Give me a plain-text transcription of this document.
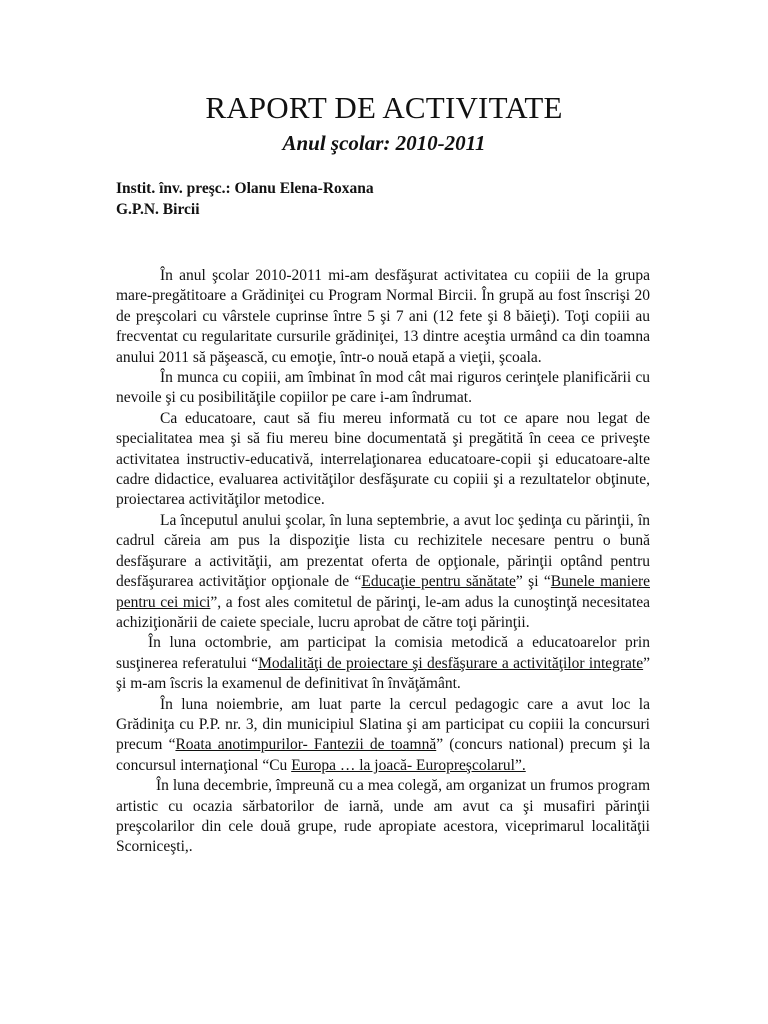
RAPORT DE ACTIVITATE
Anul şcolar: 2010-2011
Instit. înv. preşc.: Olanu Elena-Roxana
G.P.N. Bircii

În anul şcolar 2010-2011 mi-am desfăşurat activitatea cu copiii de la grupa mare-pregătitoare a Grădiniţei cu Program Normal Bircii. În grupă au fost înscrişi 20 de preşcolari cu vârstele cuprinse între 5 şi 7 ani (12 fete şi 8 băieţi). Toţi copiii au frecventat cu regularitate cursurile grădiniţei, 13 dintre aceştia urmând ca din toamna anului 2011 să păşească, cu emoţie, într-o nouă etapă a vieţii, şcoala.

În munca cu copiii, am îmbinat în mod cât mai riguros cerinţele planificării cu nevoile şi cu posibilităţile copiilor pe care i-am îndrumat.

Ca educatoare, caut să fiu mereu informată cu tot ce apare nou legat de specialitatea mea şi să fiu mereu bine documentată şi pregătită în ceea ce priveşte activitatea instructiv-educativă, interrelaţionarea educatoare-copii şi educatoare-alte cadre didactice, evaluarea activităţilor desfăşurate cu copiii şi a rezultatelor obţinute, proiectarea activităţilor metodice.

La începutul anului şcolar, în luna septembrie, a avut loc şedinţa cu părinţii, în cadrul căreia am pus la dispoziţie lista cu rechizitele necesare pentru o bună desfăşurare a activităţii, am prezentat oferta de opţionale, părinţii optând pentru desfăşurarea activităţior opţionale de “Educaţie pentru sănătate” şi “Bunele maniere pentru cei mici”, a fost ales comitetul de părinţi, le-am adus la cunoştinţă necesitatea achiziţionării de caiete speciale, lucru aprobat de către toţi părinţii.

În luna octombrie, am participat la comisia metodică a educatoarelor prin susţinerea referatului “Modalităţi de proiectare şi desfăşurare a activităţilor integrate” şi m-am îscris la examenul de definitivat în învăţământ.

În luna noiembrie, am luat parte la cercul pedagogic care a avut loc la Grădiniţa cu P.P. nr. 3, din municipiul Slatina şi am participat cu copiii la concursuri precum “Roata anotimpurilor- Fantezii de toamnă” (concurs national) precum şi la concursul internaţional “Cu Europa … la joacă- Europreşcolarul”.

În luna decembrie, împreună cu a mea colegă, am organizat un frumos program artistic cu ocazia sărbatorilor de iarnă, unde am avut ca şi musafiri părinţii preşcolarilor din cele două grupe, rude apropiate acestora, viceprimarul localităţii Scorniceşti,.
